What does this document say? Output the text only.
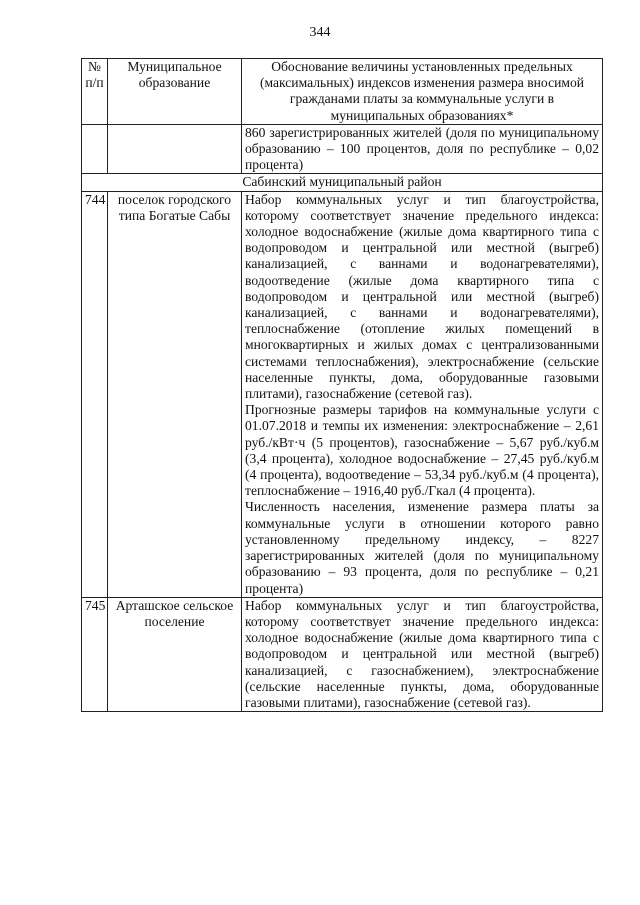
344
№ п/п	Муниципальное образование	Обоснование величины установленных предельных (максимальных) индексов изменения размера вносимой гражданами платы за коммунальные услуги в муниципальных образованиях*
		860 зарегистрированных жителей (доля по муниципальному образованию – 100 процентов, доля по республике – 0,02 процента)
Сабинский муниципальный район		
744	поселок городского типа Богатые Сабы	Набор коммунальных услуг и тип благоустройства, которому соответствует значение предельного индекса: холодное водоснабжение (жилые дома квартирного типа с водопроводом и центральной или местной (выгреб) канализацией, с ваннами и водонагревателями), водоотведение (жилые дома квартирного типа с водопроводом и центральной или местной (выгреб) канализацией, с ваннами и водонагревателями), теплоснабжение (отопление жилых помещений в многоквартирных и жилых домах с централизованными системами теплоснабжения), электроснабжение (сельские населенные пункты, дома, оборудованные газовыми плитами), газоснабжение (сетевой газ).

Прогнозные размеры тарифов на коммунальные услуги с 01.07.2018 и темпы их изменения: электроснабжение – 2,61 руб./кВт·ч (5 процентов), газоснабжение – 5,67 руб./куб.м (3,4 процента), холодное водоснабжение – 27,45 руб./куб.м (4 процента), водоотведение – 53,34 руб./куб.м (4 процента), теплоснабжение – 1916,40 руб./Гкал (4 процента).

Численность населения, изменение размера платы за коммунальные услуги в отношении которого равно установленному предельному индексу, – 8227 зарегистрированных жителей (доля по муниципальному образованию – 93 процента, доля по республике – 0,21 процента)

745	Арташское сельское поселение	Набор коммунальных услуг и тип благоустройства, которому соответствует значение предельного индекса: холодное водоснабжение (жилые дома квартирного типа с водопроводом и центральной или местной (выгреб) канализацией, с газоснабжением), электроснабжение (сельские населенные пункты, дома, оборудованные газовыми плитами), газоснабжение (сетевой газ).
